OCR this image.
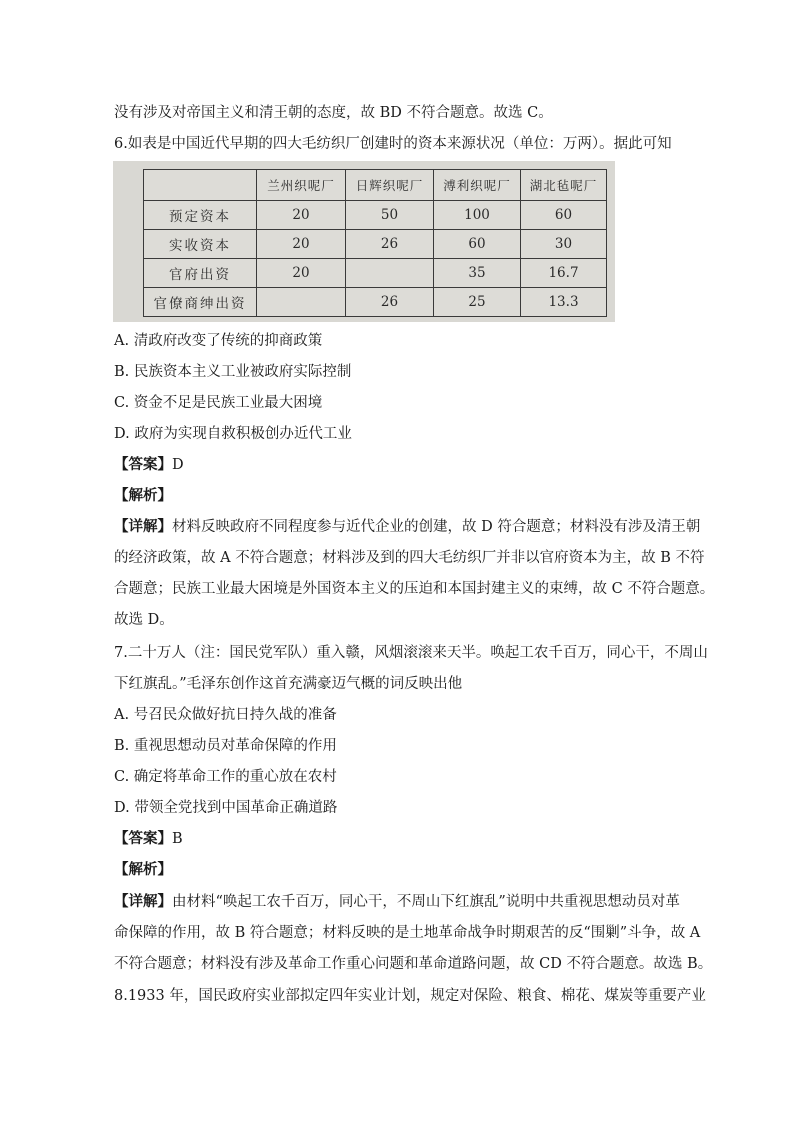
没有涉及对帝国主义和清王朝的态度，故 BD 不符合题意。故选 C。
6.如表是中国近代早期的四大毛纺织厂创建时的资本来源状况（单位：万两）。据此可知
	兰州织呢厂	日辉织呢厂	溥利织呢厂	湖北毡呢厂
预定资本	20	50	100	60
实收资本	20	26	60	30
官府出资	20		35	16.7
官僚商绅出资		26	25	13.3
A. 清政府改变了传统的抑商政策
B. 民族资本主义工业被政府实际控制
C. 资金不足是民族工业最大困境
D. 政府为实现自救积极创办近代工业
【答案】D
【解析】
【详解】材料反映政府不同程度参与近代企业的创建，故 D 符合题意；材料没有涉及清王朝
的经济政策，故 A 不符合题意；材料涉及到的四大毛纺织厂并非以官府资本为主，故 B 不符
合题意；民族工业最大困境是外国资本主义的压迫和本国封建主义的束缚，故 C 不符合题意。
故选 D。
7.二十万人（注：国民党军队）重入赣，风烟滚滚来天半。唤起工农千百万，同心干，不周山
下红旗乱。”毛泽东创作这首充满豪迈气概的词反映出他
A. 号召民众做好抗日持久战的准备
B. 重视思想动员对革命保障的作用
C. 确定将革命工作的重心放在农村
D. 带领全党找到中国革命正确道路
【答案】B
【解析】
【详解】由材料“唤起工农千百万，同心干，不周山下红旗乱”说明中共重视思想动员对革
命保障的作用，故 B 符合题意；材料反映的是土地革命战争时期艰苦的反“围剿”斗争，故 A
不符合题意；材料没有涉及革命工作重心问题和革命道路问题，故 CD 不符合题意。故选 B。
8.1933 年，国民政府实业部拟定四年实业计划，规定对保险、粮食、棉花、煤炭等重要产业
